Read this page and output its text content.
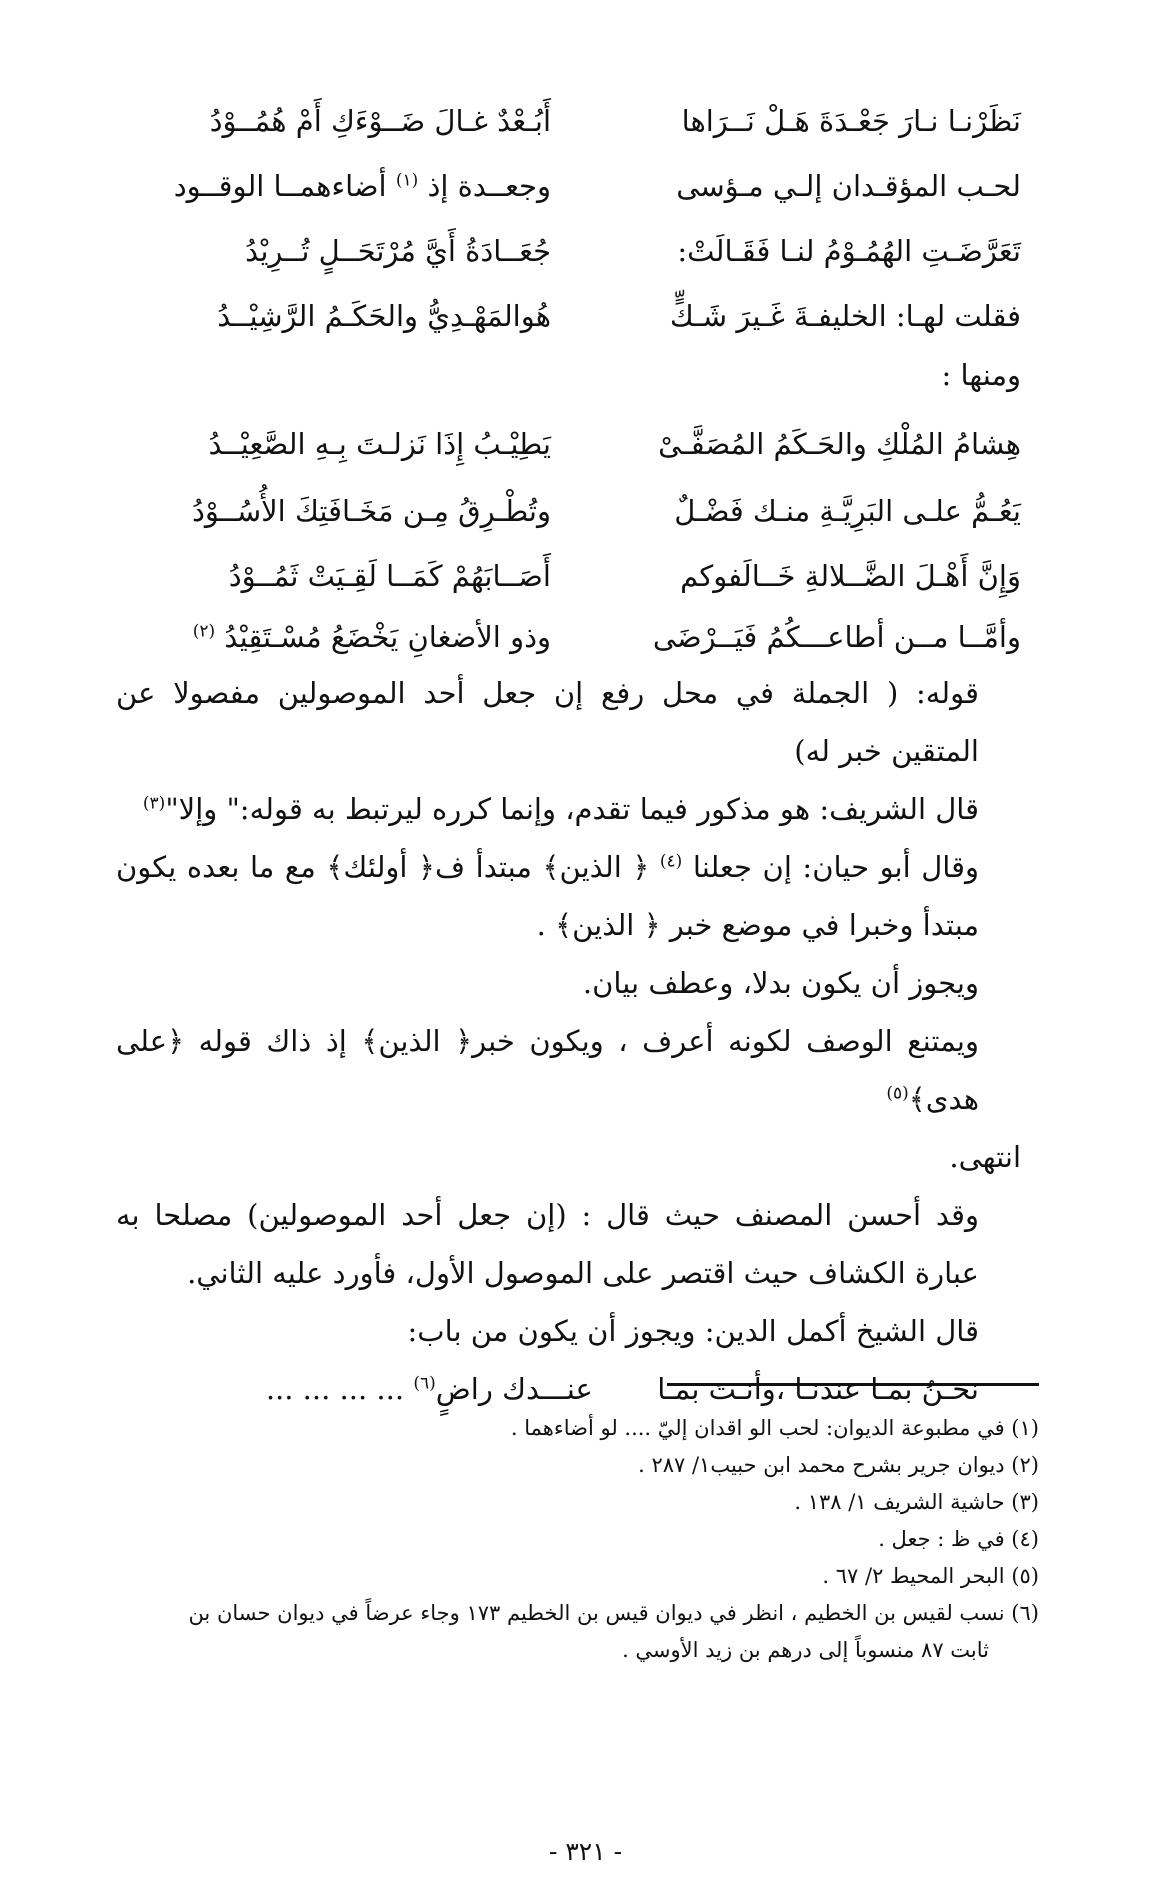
نَظَرْنـا نـارَ جَعْـدَةَ هَـلْ نَــرَاها
أَبُـعْدٌ غـالَ ضَــوْءَكِ أَمْ هُمُــوْدُ
لحـب المؤقـدان إلـي مـؤسى
وجعــدة إذ $^{(١)}$ أضاءهمــا الوقــود
تَعَرَّضَـتِ الهُمُـوْمُ لنـا فَقَـالَتْ:
جُعَــادَةُ أَيَّ مُرْتَحَــلٍ تُــرِيْدُ
فقلت لهـا: الخليفـةَ غَـيرَ شَـكٍّ
هُوالمَهْـدِيُّ والحَكَـمُ الرَّشِيْــدُ
ومنها :
هِشامُ المُلْكِ والحَـكَمُ المُصَفَّـىْ
يَطِيْـبُ إِذَا نَزلـتَ بِـهِ الصَّعِيْــدُ
يَعُـمُّ علـى البَرِيَّـةِ منـك فَضْـلٌ
وتُطْـرِقُ مِـن مَخَـافَتِكَ الأُسُــوْدُ
وَإِنَّ أَهْـلَ الضَّــلالةِ خَــالَفوكم
أَصَــابَهُمْ كَمَــا لَقِـيَتْ ثَمُــوْدُ
وأمَّــا مــن أطاعـــكُمُ فَيَــرْضَى
وذو الأضغانِ يَخْضَعُ مُسْـتَقِيْدُ $^{(٢)}$

قوله: ( الجملة في محل رفع إن جعل أحد الموصولين مفصولا عن المتقين خبر له)

قال الشريف: هو مذكور فيما تقدم، وإنما كرره ليرتبط به قوله:" وإلا"$^{(٣)}$

وقال أبو حيان: إن جعلنا $^{(٤)}$ ﴿ الذين﴾ مبتدأ ف﴿ أولئك﴾ مع ما بعده يكون مبتدأ وخبرا في موضع خبر ﴿ الذين﴾ .

ويجوز أن يكون بدلا، وعطف بيان.

ويمتنع الوصف لكونه أعرف ، ويكون خبر﴿ الذين﴾ إذ ذاك قوله ﴿على هدى﴾$^{(٥)}$

انتهى.

وقد أحسن المصنف حيث قال : (إن جعل أحد الموصولين) مصلحا به عبارة الكشاف حيث اقتصر على الموصول الأول، فأورد عليه الثاني.

قال الشيخ أكمل الدين: ويجوز أن يكون من باب:

نحـنُ بمـا عندنـا ،وأنـتَ بمـا       عنـــدك راضٍ$^{(٦)}$ ... ... ... ...

(١) في مطبوعة الديوان: لحب الو اقدان إليّ .... لو أضاءهما .

(٢) ديوان جرير بشرح محمد ابن حبيب١/ ٢٨٧ .

(٣) حاشية الشريف ١/ ١٣٨ .

(٤) في ظ : جعل .

(٥) البحر المحيط ٢/ ٦٧ .

(٦) نسب لقيس بن الخطيم ، انظر في ديوان قيس بن الخطيم ١٧٣ وجاء عرضاً في ديوان حسان بن

ثابت ٨٧ منسوباً إلى درهم بن زيد الأوسي .

- ٣٢١ -
